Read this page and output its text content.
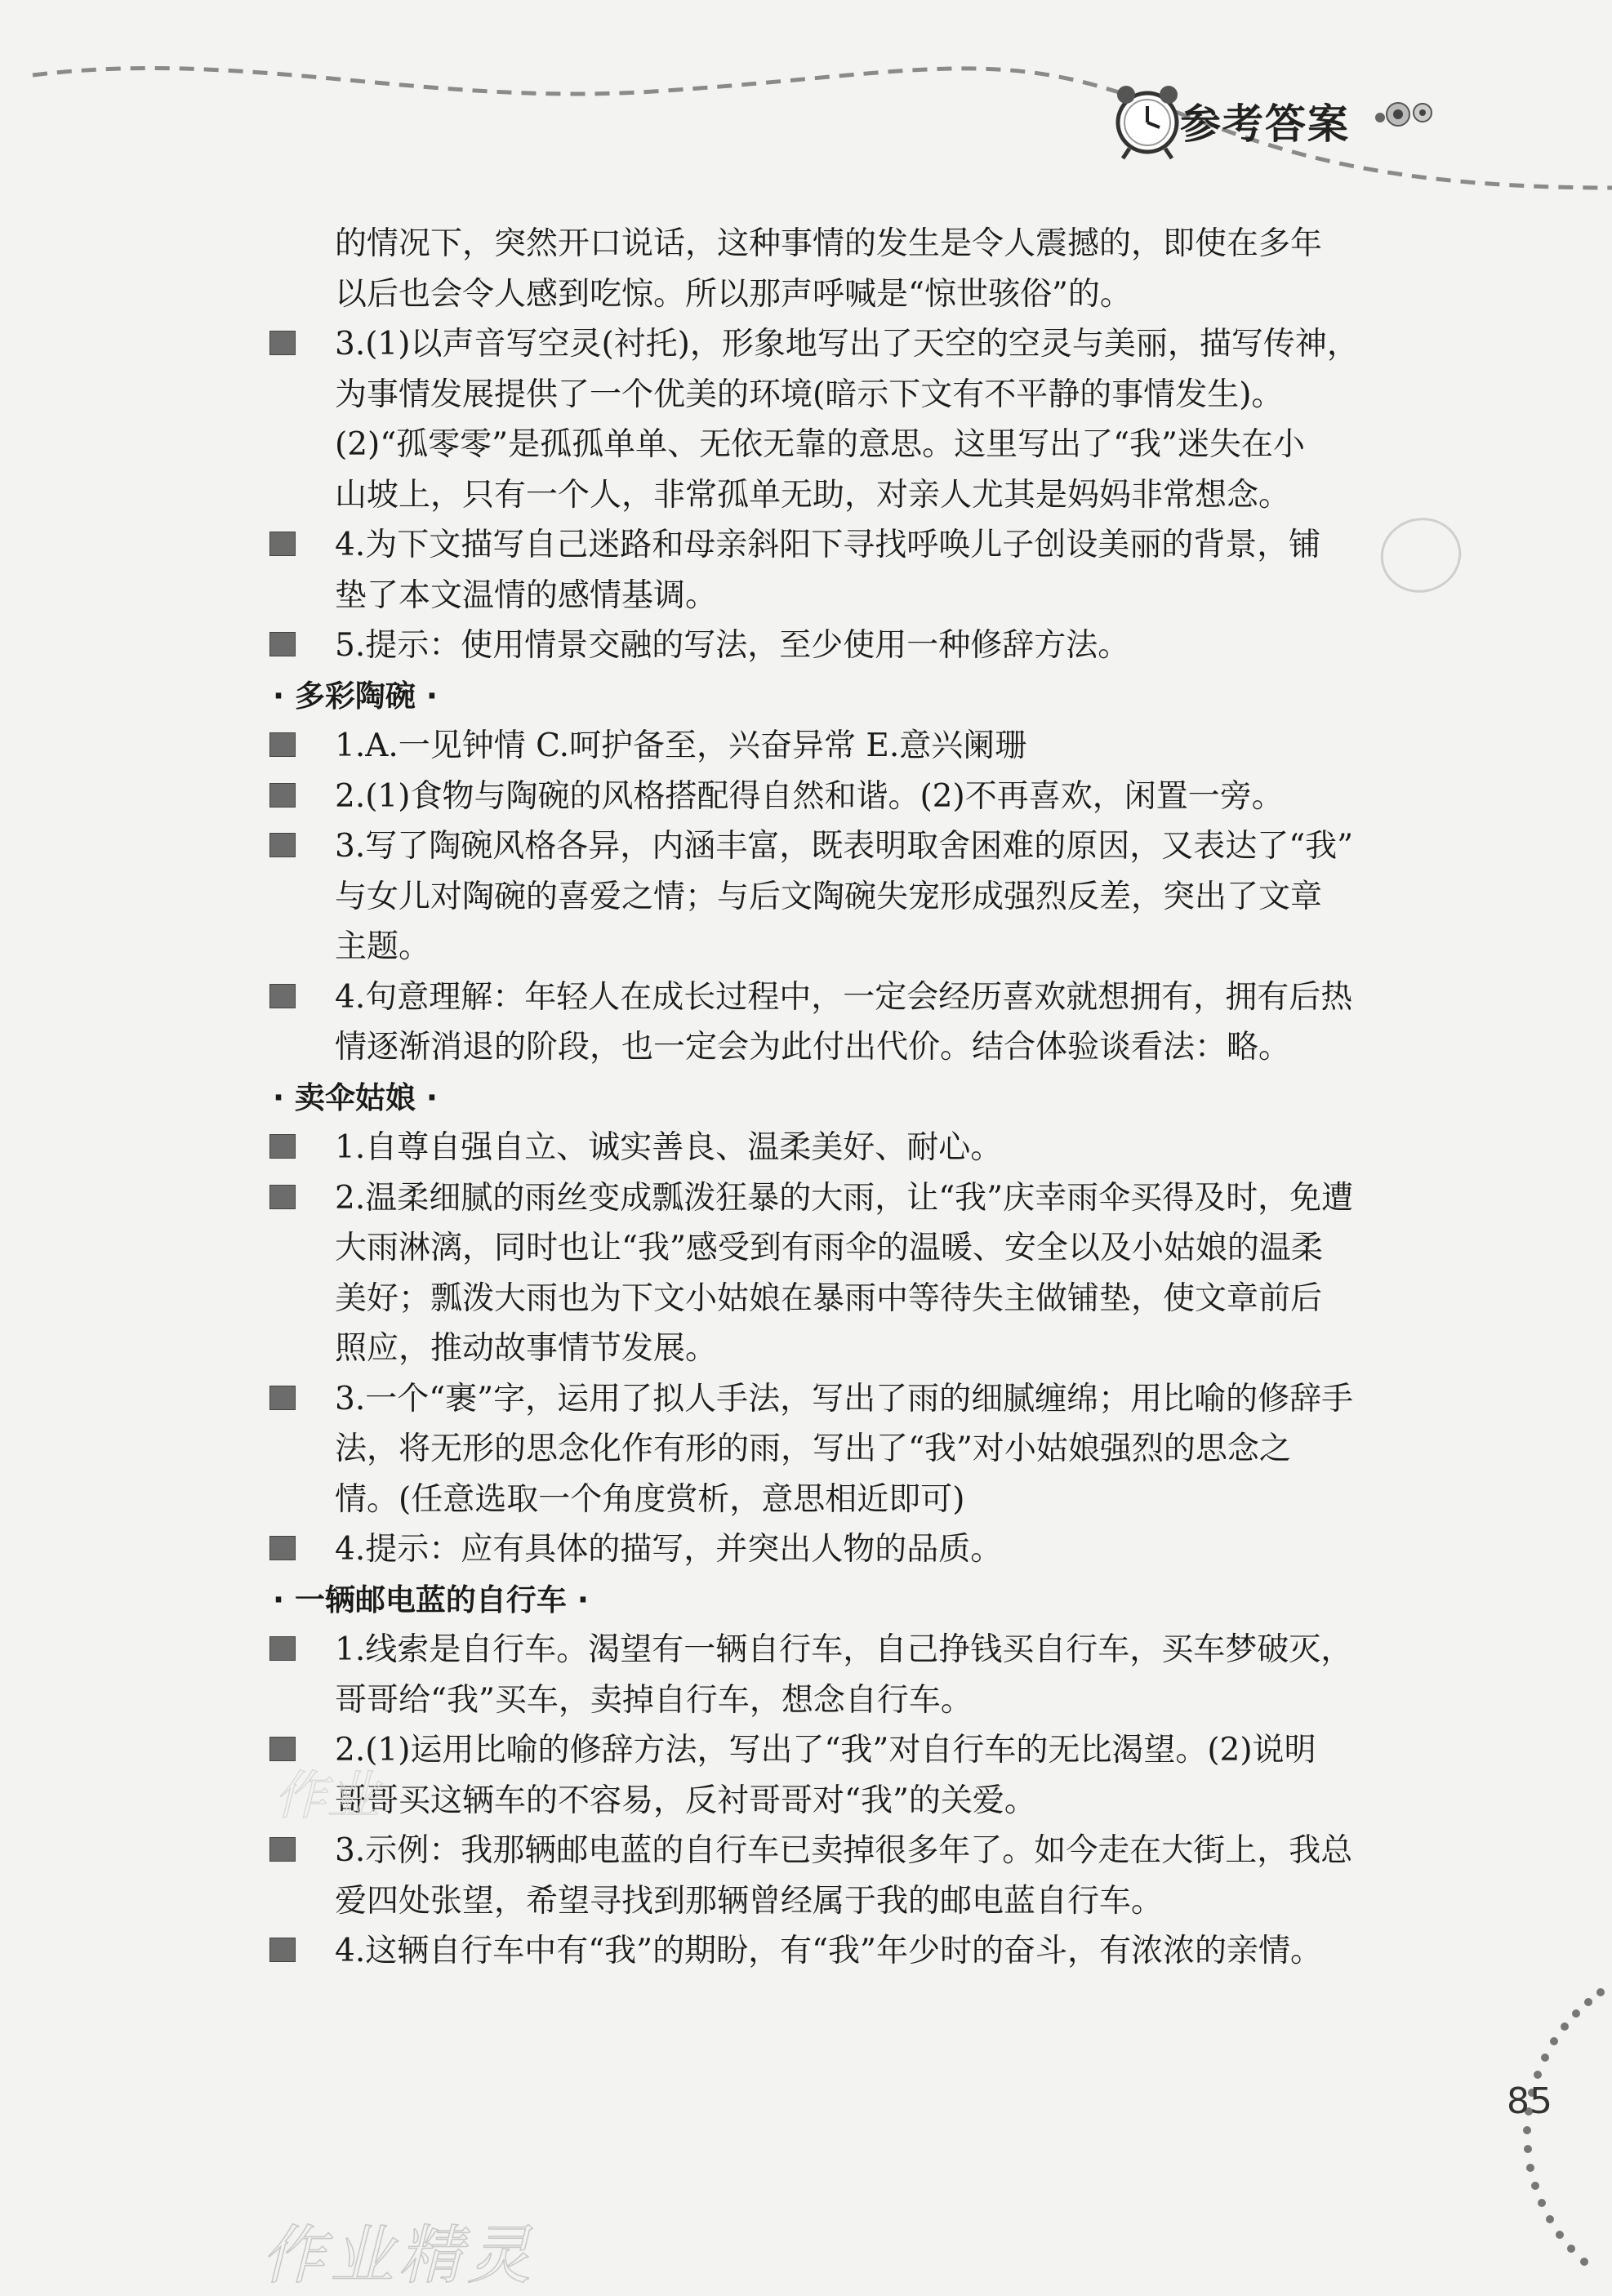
参考答案
的情况下，突然开口说话，这种事情的发生是令人震撼的，即使在多年
以后也会令人感到吃惊。所以那声呼喊是“惊世骇俗”的。
3.(1)以声音写空灵(衬托)，形象地写出了天空的空灵与美丽，描写传神，
为事情发展提供了一个优美的环境(暗示下文有不平静的事情发生)。
(2)“孤零零”是孤孤单单、无依无靠的意思。这里写出了“我”迷失在小
山坡上，只有一个人，非常孤单无助，对亲人尤其是妈妈非常想念。
4.为下文描写自己迷路和母亲斜阳下寻找呼唤儿子创设美丽的背景，铺
垫了本文温情的感情基调。
5.提示：使用情景交融的写法，至少使用一种修辞方法。
· 多彩陶碗 ·
1.A.一见钟情 C.呵护备至，兴奋异常 E.意兴阑珊
2.(1)食物与陶碗的风格搭配得自然和谐。(2)不再喜欢，闲置一旁。
3.写了陶碗风格各异，内涵丰富，既表明取舍困难的原因，又表达了“我”
与女儿对陶碗的喜爱之情；与后文陶碗失宠形成强烈反差，突出了文章
主题。
4.句意理解：年轻人在成长过程中，一定会经历喜欢就想拥有，拥有后热
情逐渐消退的阶段，也一定会为此付出代价。结合体验谈看法：略。
· 卖伞姑娘 ·
1.自尊自强自立、诚实善良、温柔美好、耐心。
2.温柔细腻的雨丝变成瓢泼狂暴的大雨，让“我”庆幸雨伞买得及时，免遭
大雨淋漓，同时也让“我”感受到有雨伞的温暖、安全以及小姑娘的温柔
美好；瓢泼大雨也为下文小姑娘在暴雨中等待失主做铺垫，使文章前后
照应，推动故事情节发展。
3.一个“裹”字，运用了拟人手法，写出了雨的细腻缠绵；用比喻的修辞手
法，将无形的思念化作有形的雨，写出了“我”对小姑娘强烈的思念之
情。(任意选取一个角度赏析，意思相近即可)
4.提示：应有具体的描写，并突出人物的品质。
· 一辆邮电蓝的自行车 ·
1.线索是自行车。渴望有一辆自行车，自己挣钱买自行车，买车梦破灭，
哥哥给“我”买车，卖掉自行车，想念自行车。
2.(1)运用比喻的修辞方法，写出了“我”对自行车的无比渴望。(2)说明
哥哥买这辆车的不容易，反衬哥哥对“我”的关爱。
3.示例：我那辆邮电蓝的自行车已卖掉很多年了。如今走在大街上，我总
爱四处张望，希望寻找到那辆曾经属于我的邮电蓝自行车。
4.这辆自行车中有“我”的期盼，有“我”年少时的奋斗，有浓浓的亲情。
作业
85
作业精灵
